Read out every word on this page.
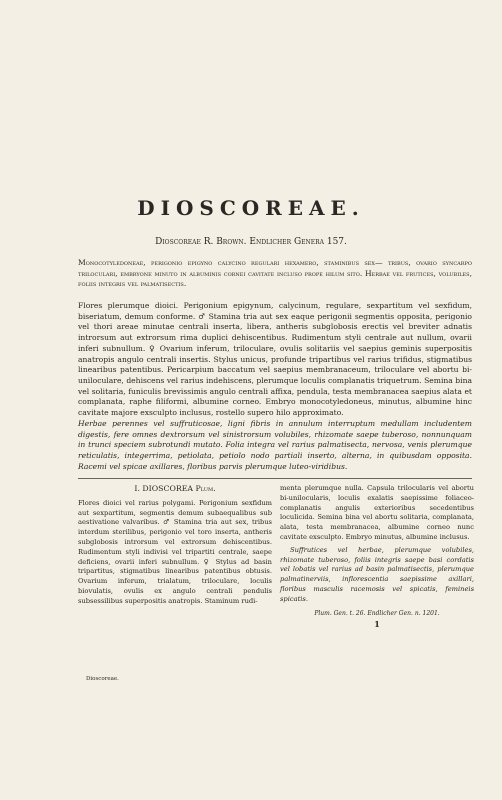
DIOSCOREAE.

Dioscoreae R. Brown. Endlicher Genera 157.

Monocotyledoneae, perigonio epigyno calycino regulari hexamero, staminibus sex— tribus, ovario syncarpo triloculari, embryone minuto in albuminis cornei cavitate incluso prope hilum sito. Herbae vel frutices, volubiles, foliis integris vel palmatisectis.

Flores plerumque dioici. Perigonium epigynum, calycinum, regulare, sexpartitum vel sexfidum, biseriatum, demum conforme. ♂ Stamina tria aut sex eaque perigonii segmentis opposita, perigonio vel thori areae minutae centrali inserta, libera, antheris subglobosis erectis vel breviter adnatis introrsum aut extrorsum rima duplici dehiscentibus. Rudimentum styli centrale aut nullum, ovarii inferi subnullum. ♀ Ovarium inferum, triloculare, ovulis solitariis vel saepius geminis superpositis anatropis angulo centrali insertis. Stylus unicus, profunde tripartibus vel rarius trifidus, stigmatibus linearibus patentibus. Pericarpium baccatum vel saepius membranaceum, triloculare vel abortu bi-uniloculare, dehiscens vel rarius indehiscens, plerumque loculis complanatis triquetrum. Semina bina vel solitaria, funiculis brevissimis angulo centrali affixa, pendula, testa membranacea saepius alata et complanata, raphe filiformi, albumine corneo. Embryo monocotyledoneus, minutus, albumine hinc cavitate majore exsculpto inclusus, rostello supero hilo approximato.

Herbae perennes vel suffruticosae, ligni fibris in annulum interruptum medullam includentem digestis, fere omnes dextrorsum vel sinistrorsum volubiles, rhizomate saepe tuberoso, nonnunquam in trunci speciem subrotundi mutato. Folia integra vel rarius palmatisecta, nervosa, venis plerumque reticulatis, integerrima, petiolata, petiolo nodo partiali inserto, alterna, in quibusdam opposita. Racemi vel spicae axillares, floribus parvis plerumque luteo-viridibus.

I. DIOSCOREA Plum.

Flores dioici vel rarius polygami. Perigonium sexfidum aut sexpartitum, segmentis demum subaequalibus sub aestivatione valvaribus. ♂ Stamina tria aut sex, tribus interdum sterilibus, perigonio vel toro inserta, antheris subglobosis introrsum vel extrorsum dehiscentibus. Rudimentum styli indivisi vel tripartiti centrale, saepe deficiens, ovarii inferi subnullum. ♀ Stylus ad basin tripartitus, stigmatibus linearibus patentibus obtusis. Ovarium inferum, trialatum, triloculare, loculis biovulatis, ovulis ex angulo centrali pendulis subsessilibus superpositis anatropis. Staminum rudi-

Dioscoreae.

menta plerumque nulla. Capsula trilocularis vel abortu bi-unilocularis, loculis exalatis saepissime foliaceo-complanatis angulis exterioribus secedentibus loculicida. Semina bina vel abortu solitaria, complanata, alata, testa membranacea, albumine corneo nunc cavitate exsculpto. Embryo minutus, albumine inclusus.

Suffrutices vel herbae, plerumque volubiles, rhizomate tuberoso, foliis integris saepe basi cordatis vel lobatis vel rarius ad basin palmatisectis, plerumque palmatinerviis, inflorescentia saepissime axillari, floribus masculis racemosis vel spicatis, femineis spicatis.

Plum. Gen. t. 26. Endlicher Gen. n. 1201.

1
